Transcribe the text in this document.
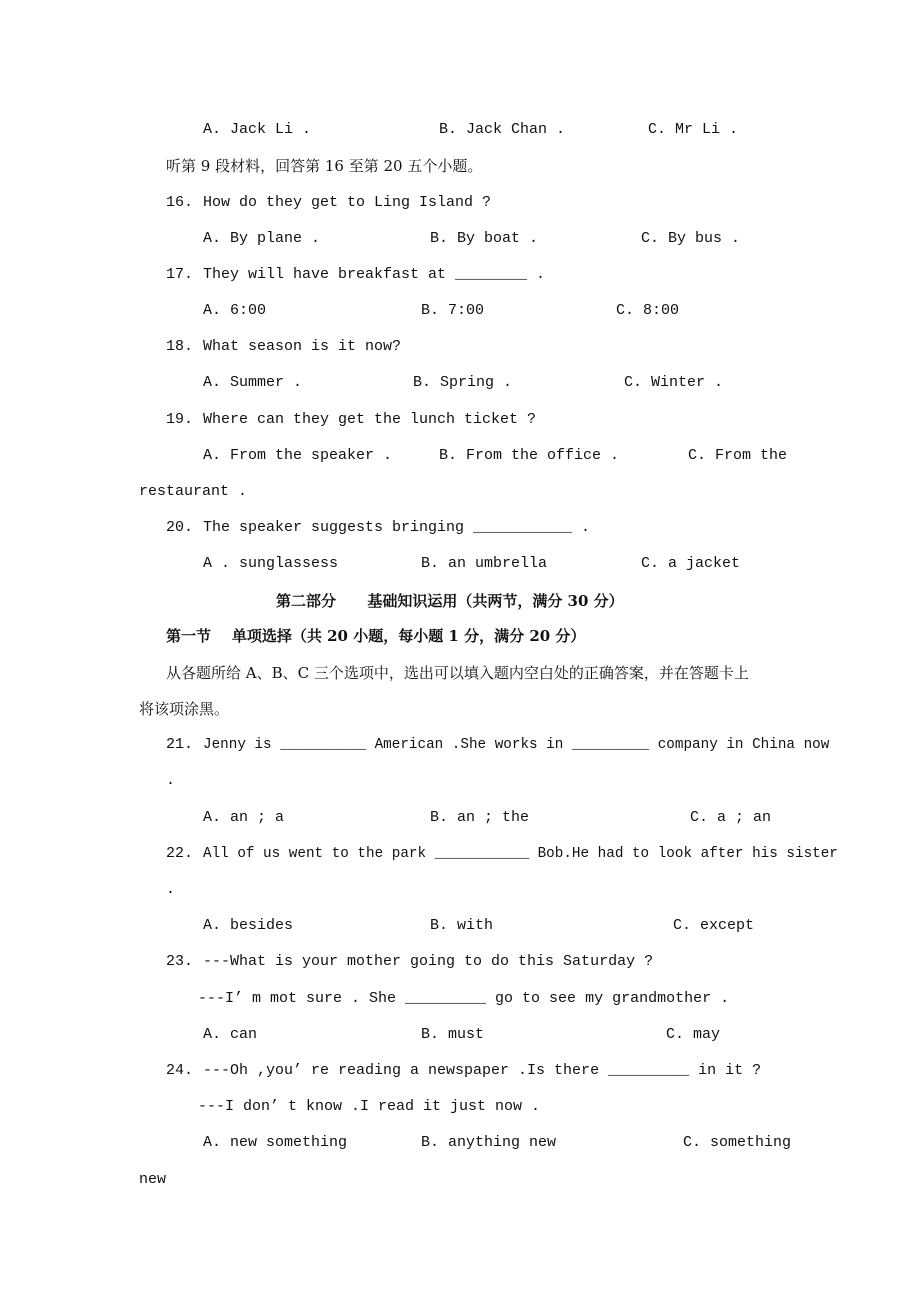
A. Jack Li .	B. Jack Chan .	C. Mr Li .
听第 9 段材料，回答第 16 至第 20 五个小题。
16. How do they get to Ling Island ?
A. By plane .	B. By boat .	C. By bus .
17. They will have breakfast at ________ .
A. 6:00	B. 7:00	C. 8:00
18. What season is it now?
A. Summer .	B. Spring .	C. Winter .
19. Where can they get the lunch ticket ?
A. From the speaker .	B. From the office .	C. From the
restaurant .
20. The speaker suggests bringing ___________ .
A . sunglassess	B. an umbrella	C. a jacket
第二部分      基础知识运用（共两节，满分 30 分）
第一节    单项选择（共 20 小题，每小题 1 分，满分 20 分）
从各题所给 A、B、C 三个选项中，选出可以填入题内空白处的正确答案，并在答题卡上
将该项涂黑。
21. Jenny is __________ American .She works in _________ company in China now
.
A. an ; a	B. an ; the	C. a ; an
22. All of us went to the park ___________ Bob.He had to look after his sister
.
A. besides	B. with	C. except
23. ---What is your mother going to do this Saturday ?
---I’ m mot sure . She _________ go to see my grandmother .
A. can	B. must	C. may
24. ---Oh ,you’ re reading a newspaper .Is there _________ in it ?
---I don’ t know .I read it just now .
A. new something	B. anything new	C. something
new
